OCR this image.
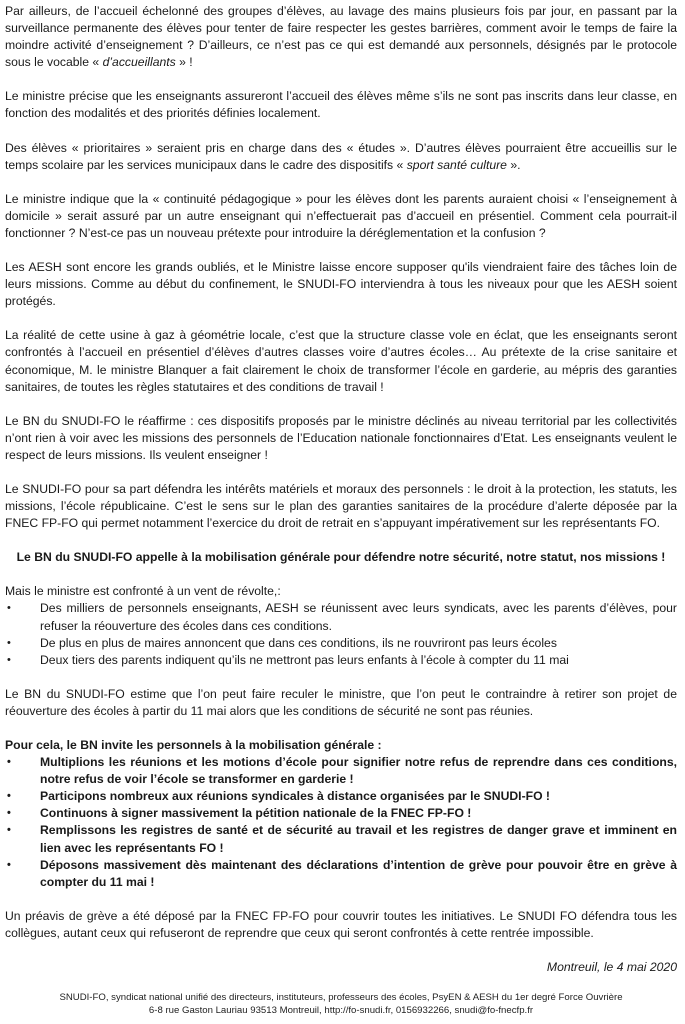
Par ailleurs, de l’accueil échelonné des groupes d’élèves, au lavage des mains plusieurs fois par jour, en passant par la surveillance permanente des élèves pour tenter de faire respecter les gestes barrières, comment avoir le temps de faire la moindre activité d’enseignement ? D’ailleurs, ce n’est pas ce qui est demandé aux personnels, désignés par le protocole sous le vocable « d’accueillants » !

Le ministre précise que les enseignants assureront l’accueil des élèves même s’ils ne sont pas inscrits dans leur classe, en fonction des modalités et des priorités définies localement.

Des élèves « prioritaires » seraient pris en charge dans des « études ». D’autres élèves pourraient être accueillis sur le temps scolaire par les services municipaux dans le cadre des dispositifs « sport santé culture ».

Le ministre indique que la « continuité pédagogique » pour les élèves dont les parents auraient choisi « l’enseignement à domicile » serait assuré par un autre enseignant qui n’effectuerait pas d’accueil en présentiel. Comment cela pourrait-il fonctionner ? N’est-ce pas un nouveau prétexte pour introduire la déréglementation et la confusion ?

Les AESH sont encore les grands oubliés, et le Ministre laisse encore supposer qu'ils viendraient faire des tâches loin de leurs missions. Comme au début du confinement, le SNUDI-FO interviendra à tous les niveaux pour que les AESH soient protégés.

La réalité de cette usine à gaz à géométrie locale, c’est que la structure classe vole en éclat, que les enseignants seront confrontés à l’accueil en présentiel d’élèves d’autres classes voire d’autres écoles… Au prétexte de la crise sanitaire et économique, M. le ministre Blanquer a fait clairement le choix de transformer l’école en garderie, au mépris des garanties sanitaires, de toutes les règles statutaires et des conditions de travail !

Le BN du SNUDI-FO le réaffirme : ces dispositifs proposés par le ministre déclinés au niveau territorial par les collectivités n’ont rien à voir avec les missions des personnels de l’Education nationale fonctionnaires d’Etat. Les enseignants veulent le respect de leurs missions. Ils veulent enseigner !

Le SNUDI-FO pour sa part défendra les intérêts matériels et moraux des personnels : le droit à la protection, les statuts, les missions, l’école républicaine. C’est le sens sur le plan des garanties sanitaires de la procédure d’alerte déposée par la FNEC FP-FO qui permet notamment l’exercice du droit de retrait en s’appuyant impérativement sur les représentants FO.

Le BN du SNUDI-FO appelle à la mobilisation générale pour défendre notre sécurité, notre statut, nos missions !

Mais le ministre est confronté à un vent de révolte,:

• Des milliers de personnels enseignants, AESH se réunissent avec leurs syndicats, avec les parents d’élèves, pour refuser la réouverture des écoles dans ces conditions.
• De plus en plus de maires annoncent que dans ces conditions, ils ne rouvriront pas leurs écoles
• Deux tiers des parents indiquent qu’ils ne mettront pas leurs enfants à l’école à compter du 11 mai

Le BN du SNUDI-FO estime que l’on peut faire reculer le ministre, que l’on peut le contraindre à retirer son projet de réouverture des écoles à partir du 11 mai alors que les conditions de sécurité ne sont pas réunies.

Pour cela, le BN invite les personnels à la mobilisation générale :

• Multiplions les réunions et les motions d’école pour signifier notre refus de reprendre dans ces conditions, notre refus de voir l’école se transformer en garderie !
• Participons nombreux aux réunions syndicales à distance organisées par le SNUDI-FO !
• Continuons à signer massivement la pétition nationale de la FNEC FP-FO !
• Remplissons les registres de santé et de sécurité au travail et les registres de danger grave et imminent en lien avec les représentants FO !
• Déposons massivement dès maintenant des déclarations d’intention de grève pour pouvoir être en grève à compter du 11 mai !

Un préavis de grève a été déposé par la FNEC FP-FO pour couvrir toutes les initiatives. Le SNUDI FO défendra tous les collègues, autant ceux qui refuseront de reprendre que ceux qui seront confrontés à cette rentrée impossible.

Montreuil, le 4 mai 2020

SNUDI-FO, syndicat national unifié des directeurs, instituteurs, professeurs des écoles, PsyEN & AESH du 1er degré Force Ouvrière

6-8 rue Gaston Lauriau 93513 Montreuil, http://fo-snudi.fr, 0156932266, snudi@fo-fnecfp.fr
